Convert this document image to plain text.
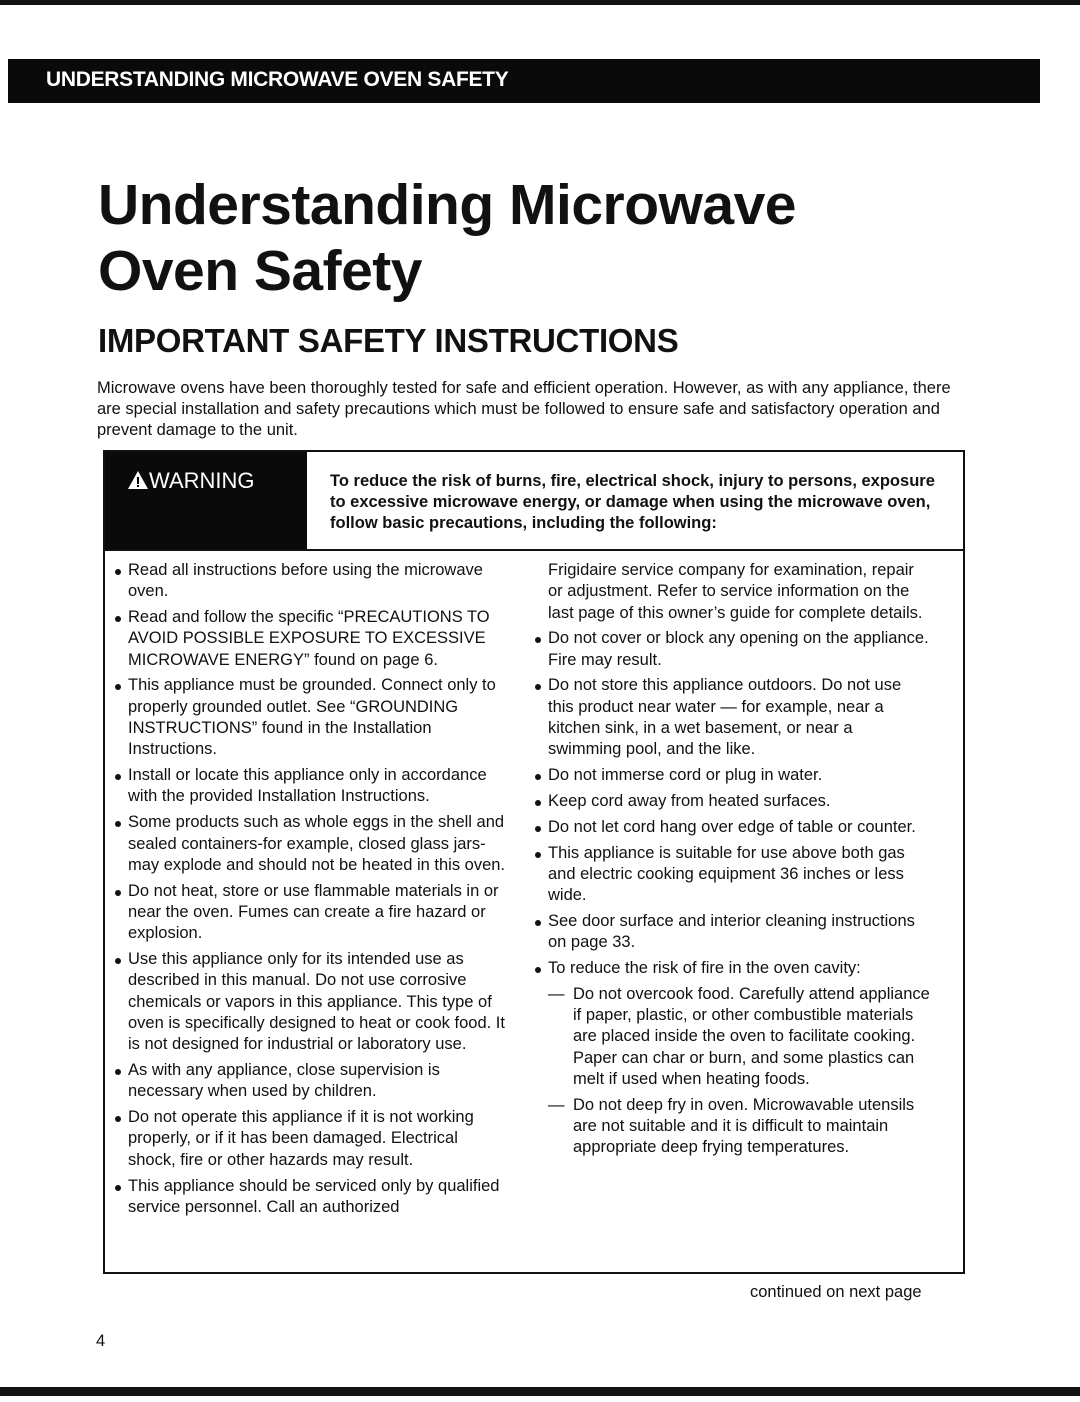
UNDERSTANDING MICROWAVE OVEN SAFETY
Understanding Microwave
Oven Safety
IMPORTANT SAFETY INSTRUCTIONS
Microwave ovens have been thoroughly tested for safe and efficient operation. However, as with any appliance, there are special installation and safety precautions which must be followed to ensure safe and satisfactory operation and prevent damage to the unit.
WARNING	To reduce the risk of burns, fire, electrical shock, injury to persons, exposure to excessive microwave energy, or damage when using the microwave oven, follow basic precautions, including the following:
Read all instructions before using the microwave oven.
Read and follow the specific “PRECAUTIONS TO AVOID POSSIBLE EXPOSURE TO EXCESSIVE MICROWAVE ENERGY” found on page 6.
This appliance must be grounded. Connect only to properly grounded outlet. See “GROUNDING INSTRUCTIONS” found in the Installation Instructions.
Install or locate this appliance only in accordance with the provided Installation Instructions.
Some products such as whole eggs in the shell and sealed containers-for example, closed glass jars-may explode and should not be heated in this oven.
Do not heat, store or use flammable materials in or near the oven. Fumes can create a fire hazard or explosion.
Use this appliance only for its intended use as described in this manual. Do not use corrosive chemicals or vapors in this appliance. This type of oven is specifically designed to heat or cook food. It is not designed for industrial or laboratory use.
As with any appliance, close supervision is necessary when used by children.
Do not operate this appliance if it is not working properly, or if it has been damaged. Electrical shock, fire or other hazards may result.
This appliance should be serviced only by qualified service personnel. Call an authorized
Frigidaire service company for examination, repair or adjustment. Refer to service information on the last page of this owner’s guide for complete details.
Do not cover or block any opening on the appliance. Fire may result.
Do not store this appliance outdoors. Do not use this product near water — for example, near a kitchen sink, in a wet basement, or near a swimming pool, and the like.
Do not immerse cord or plug in water.
Keep cord away from heated surfaces.
Do not let cord hang over edge of table or counter.
This appliance is suitable for use above both gas and electric cooking equipment 36 inches or less wide.
See door surface and interior cleaning instructions on page 33.
To reduce the risk of fire in the oven cavity:
— Do not overcook food. Carefully attend appliance if paper, plastic, or other combustible materials are placed inside the oven to facilitate cooking. Paper can char or burn, and some plastics can melt if used when heating foods.
— Do not deep fry in oven. Microwavable utensils are not suitable and it is difficult to maintain appropriate deep frying temperatures.
continued on next page
4
